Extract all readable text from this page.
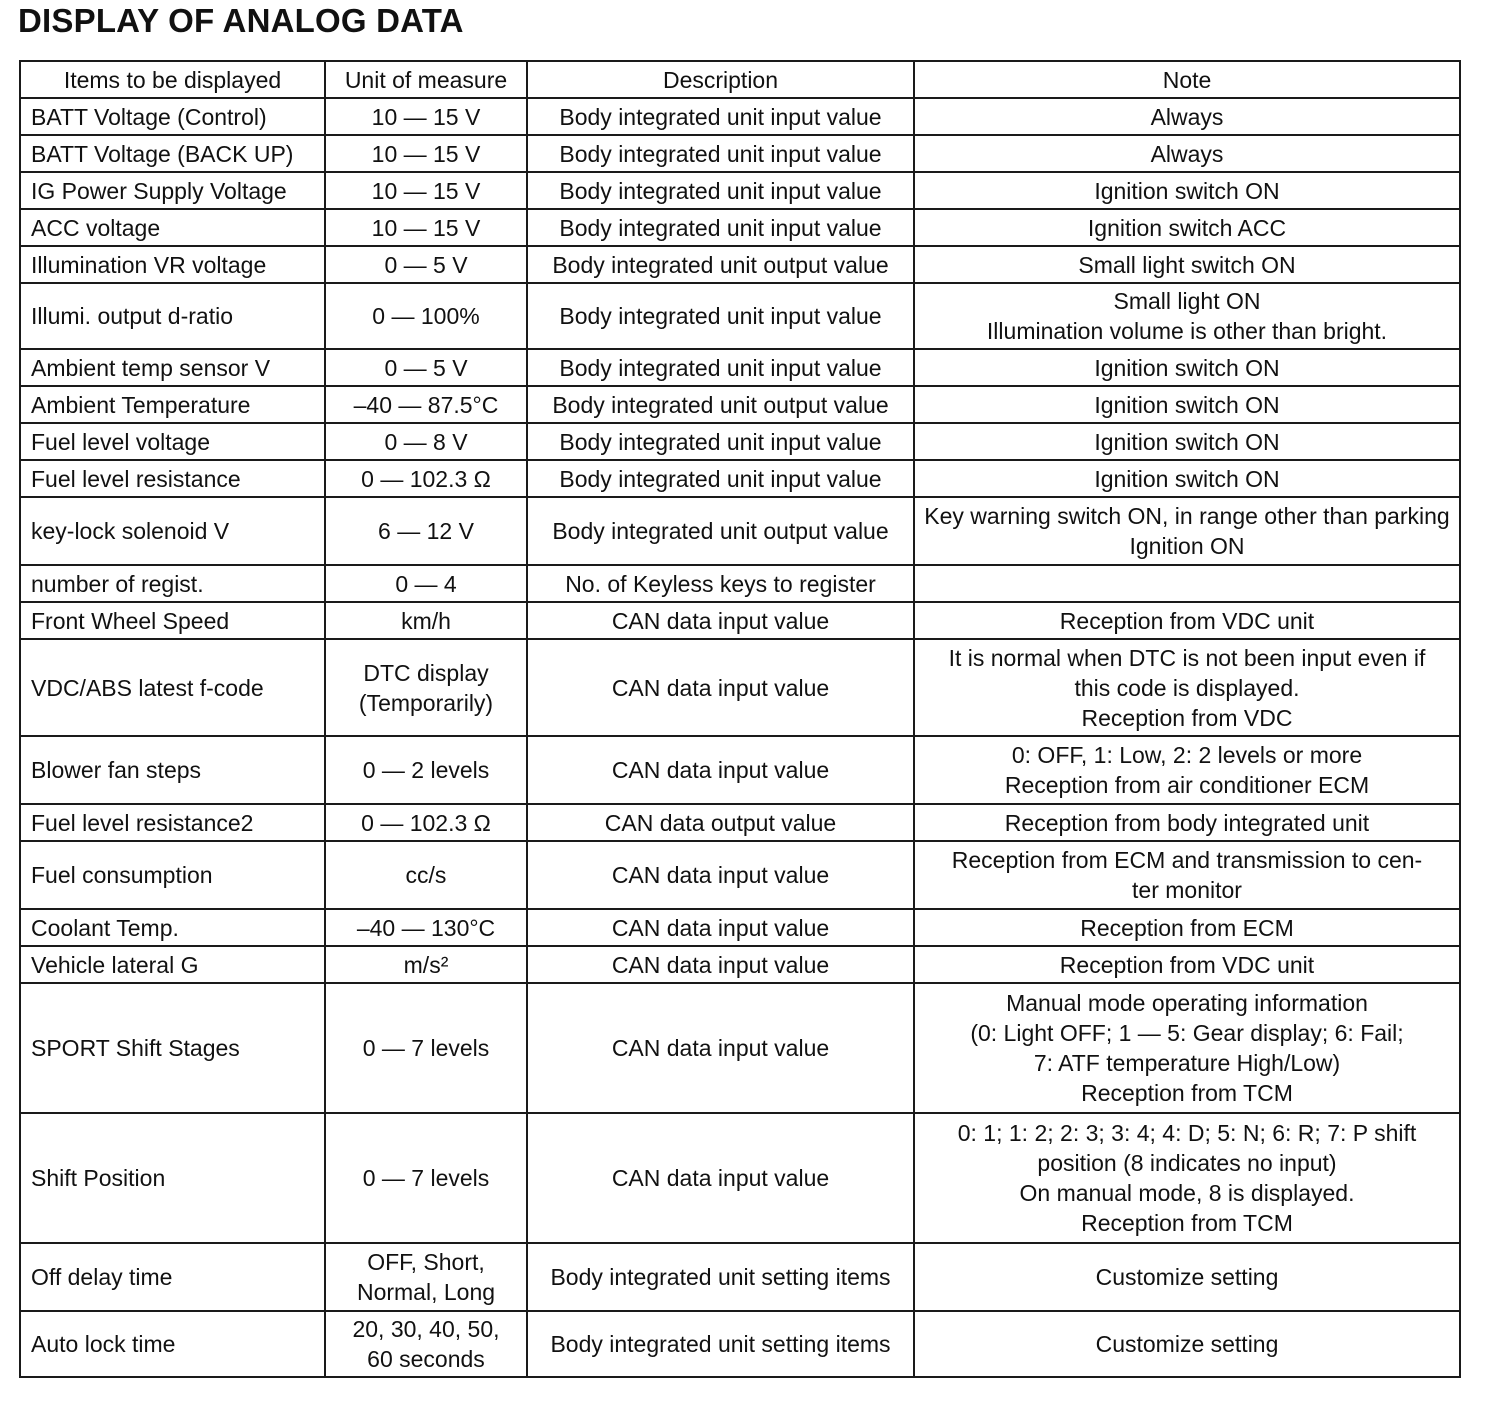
DISPLAY OF ANALOG DATA
Items to be displayed	Unit of measure	Description	Note
BATT Voltage (Control)	10 — 15 V	Body integrated unit input value	Always

BATT Voltage (BACK UP)	10 — 15 V	Body integrated unit input value	Always

IG Power Supply Voltage	10 — 15 V	Body integrated unit input value	Ignition switch ON

ACC voltage	10 — 15 V	Body integrated unit input value	Ignition switch ACC

Illumination VR voltage	0 — 5 V	Body integrated unit output value	Small light switch ON

Illumi. output d-ratio	0 — 100%	Body integrated unit input value	Small light ON
Illumination volume is other than bright.

Ambient temp sensor V	0 — 5 V	Body integrated unit input value	Ignition switch ON

Ambient Temperature	–40 — 87.5°C	Body integrated unit output value	Ignition switch ON

Fuel level voltage	0 — 8 V	Body integrated unit input value	Ignition switch ON

Fuel level resistance	0 — 102.3 Ω	Body integrated unit input value	Ignition switch ON

key-lock solenoid V	6 — 12 V	Body integrated unit output value	Key warning switch ON, in range other than parking
Ignition ON

number of regist.	0 — 4	No. of Keyless keys to register	

Front Wheel Speed	km/h	CAN data input value	Reception from VDC unit

VDC/ABS latest f-code	DTC display
(Temporarily)	CAN data input value	It is normal when DTC is not been input even if
this code is displayed.
Reception from VDC

Blower fan steps	0 — 2 levels	CAN data input value	0: OFF, 1: Low, 2: 2 levels or more
Reception from air conditioner ECM

Fuel level resistance2	0 — 102.3 Ω	CAN data output value	Reception from body integrated unit

Fuel consumption	cc/s	CAN data input value	Reception from ECM and transmission to cen-
ter monitor

Coolant Temp.	–40 — 130°C	CAN data input value	Reception from ECM

Vehicle lateral G	m/s²	CAN data input value	Reception from VDC unit

SPORT Shift Stages	0 — 7 levels	CAN data input value	Manual mode operating information
(0: Light OFF; 1 — 5: Gear display; 6: Fail;
7: ATF temperature High/Low)
Reception from TCM

Shift Position	0 — 7 levels	CAN data input value	0: 1; 1: 2; 2: 3; 3: 4; 4: D; 5: N; 6: R; 7: P shift
position (8 indicates no input)
On manual mode, 8 is displayed.
Reception from TCM

Off delay time	OFF, Short,
Normal, Long	Body integrated unit setting items	Customize setting

Auto lock time	20, 30, 40, 50,
60 seconds	Body integrated unit setting items	Customize setting
